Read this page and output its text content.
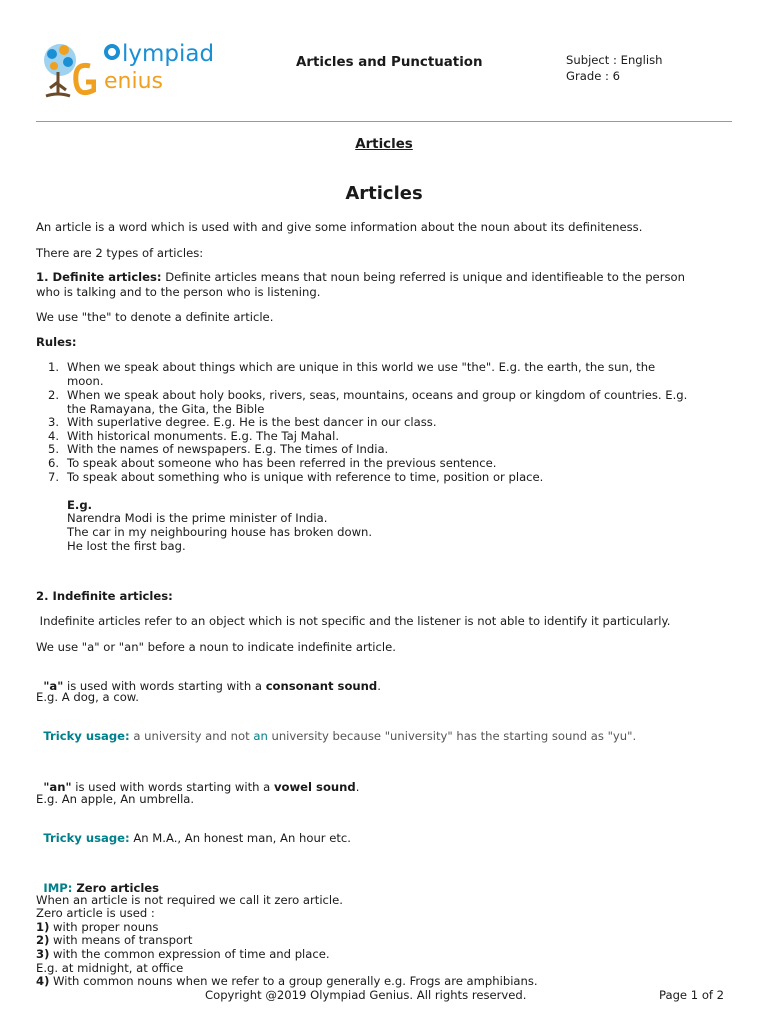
lympiad
enius
Articles and Punctuation	Subject : English
Grade : 6
Articles
Articles
An article is a word which is used with and give some information about the noun about its definiteness.
There are 2 types of articles:
1. Definite articles: Definite articles means that noun being referred is unique and identifieable to the person
who is talking and to the person who is listening.
We use "the" to denote a definite article.
Rules:
1. When we speak about things which are unique in this world we use "the". E.g. the earth, the sun, the
moon.
2. When we speak about holy books, rivers, seas, mountains, oceans and group or kingdom of countries. E.g.
the Ramayana, the Gita, the Bible
3. With superlative degree. E.g. He is the best dancer in our class.
4. With historical monuments. E.g. The Taj Mahal.
5. With the names of newspapers. E.g. The times of India.
6. To speak about someone who has been referred in the previous sentence.
7. To speak about something who is unique with reference to time, position or place.
E.g.
Narendra Modi is the prime minister of India.
The car in my neighbouring house has broken down.
He lost the first bag.
2. Indefinite articles:
Indefinite articles refer to an object which is not specific and the listener is not able to identify it particularly.
We use "a" or "an" before a noun to indicate indefinite article.

"a" is used with words starting with a consonant sound.

E.g. A dog, a cow.

Tricky usage: a university and not an university because "university" has the starting sound as "yu".

"an" is used with words starting with a vowel sound.

E.g. An apple, An umbrella.

Tricky usage: An M.A., An honest man, An hour etc.

IMP: Zero articles

When an article is not required we call it zero article.
Zero article is used :
1) with proper nouns
2) with means of transport
3) with the common expression of time and place.
E.g. at midnight, at office
4) With common nouns when we refer to a group generally e.g. Frogs are amphibians.
Copyright @2019 Olympiad Genius. All rights reserved.	Page 1 of 2
